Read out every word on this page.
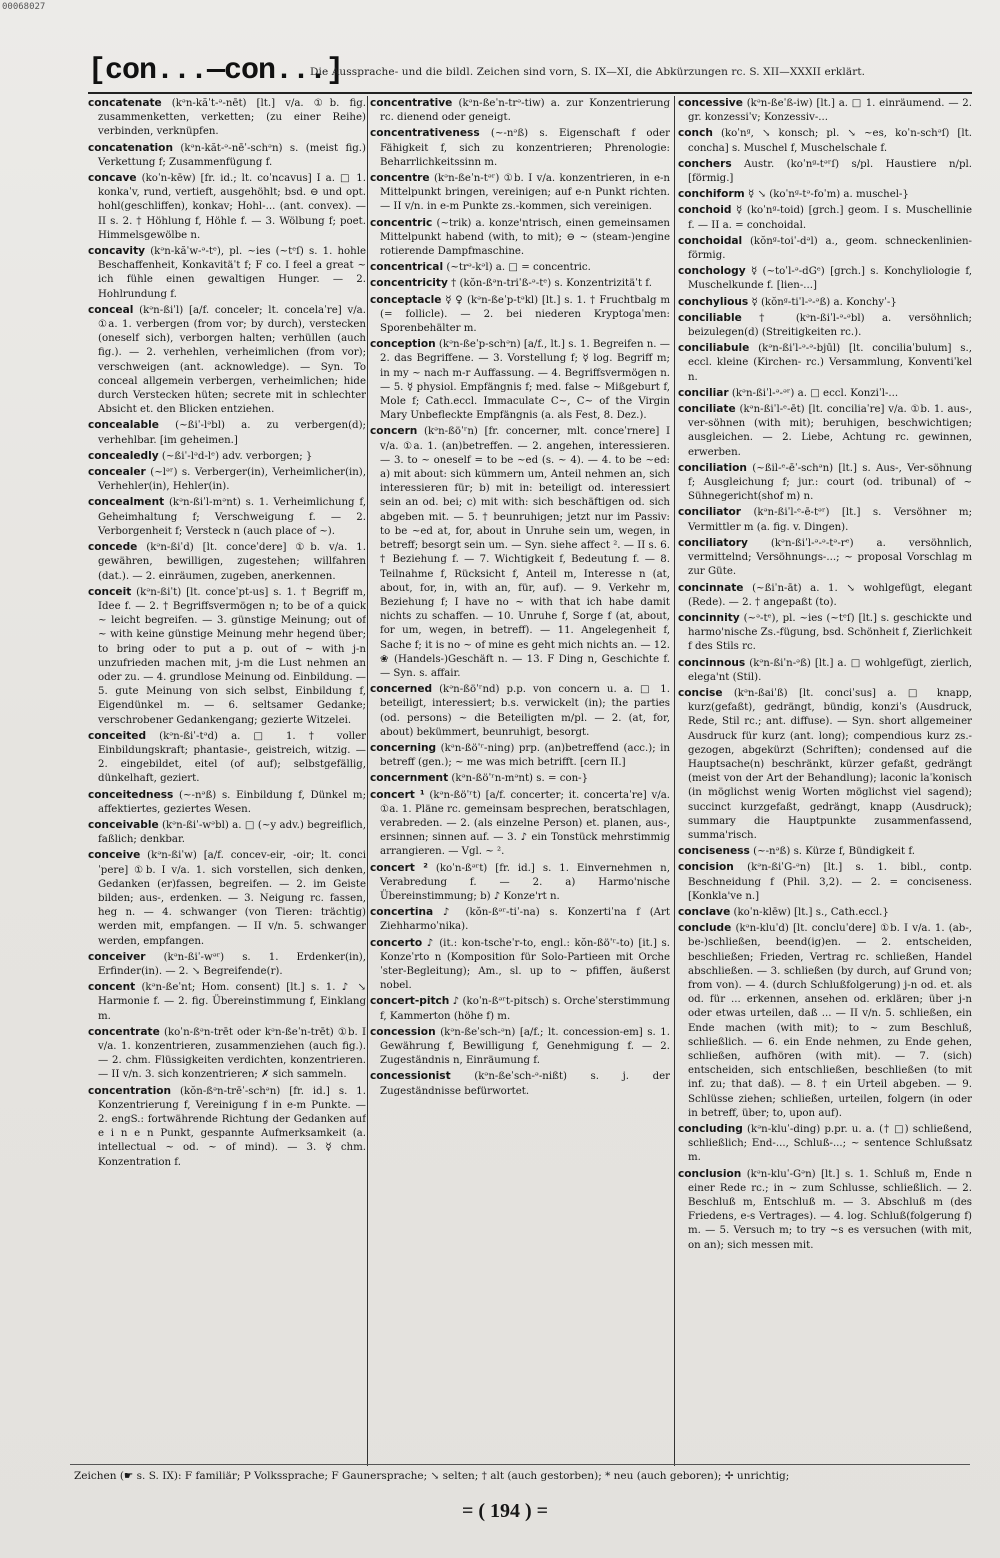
00068027
[con...—con...]
Die Aussprache- und die bildl. Zeichen sind vorn, S. IX—XI, die Abkürzungen rc. S. XII—XXXII erklärt.

concatenate (kᵊn-kăˈt-ᵊ-nēt) [lt.] v/a. ①b. fig. zusammenketten, verketten; (zu einer Reihe) verbinden, verknüpfen.

concatenation (kᵊn-kăt-ᵊ-nēˈ-schᵊn) s. (meist fig.) Verkettung f; Zusammenfügung f.

concave (koˈn-kēw) [fr. id.; lt. coˈncavus] I a. □ 1. konkaˈv, rund, vertieft, ausgehöhlt; bsd. ⊖ und opt. hohl(geschliffen), konkav; Hohl-... (ant. convex). — II s. 2. † Höhlung f, Höhle f. — 3. Wölbung f; poet. Himmelsgewölbe n.

concavity (kᵊn-kăˈw-ᵊ-tᵉ), pl. ~ies (~tᵉſ) s. 1. hohle Beschaffenheit, Konkavitäˈt f; F co. I feel a great ~ ich fühle einen gewaltigen Hunger. — 2. Hohlrundung f.

conceal (kᵊn-ßiˈl) [a/f. conceler; lt. concelaˈre] v/a. ①a. 1. verbergen (from vor; by durch), verstecken (oneself sich), verborgen halten; verhüllen (auch fig.). — 2. verhehlen, verheimlichen (from vor); verschweigen (ant. acknowledge). — Syn. To conceal allgemein verbergen, verheimlichen; hide durch Verstecken hüten; secrete mit in schlechter Absicht et. den Blicken entziehen.

concealable (~ßiˈ-lᵊbl) a. zu verbergen(d); verhehlbar. [im geheimen.]

concealedly (~ßiˈ-lᵊd-lᵉ) adv. verborgen; }

concealer (~lᵊʳ) s. Verberger(in), Verheimlicher(in), Verhehler(in), Hehler(in).

concealment (kᵊn-ßiˈl-mᵊnt) s. 1. Verheimlichung f, Geheimhaltung f; Verschweigung f. — 2. Verborgenheit f; Versteck n (auch place of ~).

concede (kᵊn-ßiˈd) [lt. conceˈdere] ①b. v/a. 1. gewähren, bewilligen, zugestehen; willfahren (dat.). — 2. einräumen, zugeben, anerkennen.

conceit (kᵊn-ßiˈt) [lt. conceˈpt-us] s. 1. † Begriff m, Idee f. — 2. † Begriffsvermögen n; to be of a quick ~ leicht begreifen. — 3. günstige Meinung; out of ~ with keine günstige Meinung mehr hegend über; to bring oder to put a p. out of ~ with j-n unzufrieden machen mit, j-m die Lust nehmen an oder zu. — 4. grundlose Meinung od. Einbildung. — 5. gute Meinung von sich selbst, Einbildung f, Eigendünkel m. — 6. seltsamer Gedanke; verschrobener Gedankengang; gezierte Witzelei.

conceited (kᵊn-ßiˈ-tᵊd) a. □ 1. † voller Einbildungskraft; phantasie-, geistreich, witzig. — 2. eingebildet, eitel (of auf); selbstgefällig, dünkelhaft, geziert.

conceitedness (~-nᵊß) s. Einbildung f, Dünkel m; affektiertes, geziertes Wesen.

conceivable (kᵊn-ßiˈ-wᵊbl) a. □ (~y adv.) begreiflich, faßlich; denkbar.

conceive (kᵊn-ßiˈw) [a/f. concev-eir, -oir; lt. conciˈpere] ①b. I v/a. 1. sich vorstellen, sich denken, Gedanken (er)fassen, begreifen. — 2. im Geiste bilden; aus-, erdenken. — 3. Neigung rc. fassen, heg n. — 4. schwanger (von Tieren: trächtig) werden mit, empfangen. — II v/n. 5. schwanger werden, empfangen.

conceiver (kᵊn-ßiˈ-wᵊʳ) s. 1. Erdenker(in), Erfinder(in). — 2. ↘ Begreifende(r).

concent (kᵊn-ßeˈnt; Hom. consent) [lt.] s. 1. ♪ ↘ Harmonie f. — 2. fig. Übereinstimmung f, Einklang m.

concentrate (koˈn-ßᵊn-trēt oder kᵊn-ßeˈn-trēt) ①b. I v/a. 1. konzentrieren, zusammenziehen (auch fig.). — 2. chm. Flüssigkeiten verdichten, konzentrieren. — II v/n. 3. sich konzentrieren; ✗ sich sammeln.

concentration (kŏn-ßᵊn-trēˈ-schᵊn) [fr. id.] s. 1. Konzentrierung f, Vereinigung f in e-m Punkte. — 2. engS.: fortwährende Richtung der Gedanken auf e i n e n Punkt, gespannte Aufmerksamkeit (a. intellectual ~ od. ~ of mind). — 3. ☿ chm. Konzentration f.

concentrative (kᵊn-ßeˈn-trᵊ-tiw) a. zur Konzentrierung rc. dienend oder geneigt.

concentrativeness (~-nᵊß) s. Eigenschaft f oder Fähigkeit f, sich zu konzentrieren; Phrenologie: Beharrlichkeitssinn m.

concentre (kᵊn-ßeˈn-tᵊʳ) ①b. I v/a. konzentrieren, in e-n Mittelpunkt bringen, vereinigen; auf e-n Punkt richten. — II v/n. in e-m Punkte zs.-kommen, sich vereinigen.

concentric (~trik) a. konze'ntrisch, einen gemeinsamen Mittelpunkt habend (with, to mit); ⊖ ~ (steam-)engine rotierende Dampfmaschine.

concentrical (~trᵊ-kᵊl) a. □ = concentric.

concentricity † (kŏn-ßᵊn-triˈß-ᵊ-tᵉ) s. Konzentrizitäˈt f.

conceptacle ☿ ♀ (kᵊn-ßeˈp-tᵊkl) [lt.] s. 1. † Fruchtbalg m (= follicle). — 2. bei niederen Kryptogaˈmen: Sporenbehälter m.

conception (kᵊn-ßeˈp-schᵊn) [a/f., lt.] s. 1. Begreifen n. — 2. das Begriffene. — 3. Vorstellung f; ☿ log. Begriff m; in my ~ nach m-r Auffassung. — 4. Begriffsvermögen n. — 5. ☿ physiol. Empfängnis f; med. false ~ Mißgeburt f, Mole f; Cath.eccl. Immaculate C~, C~ of the Virgin Mary Unbefleckte Empfängnis (a. als Fest, 8. Dez.).

concern (kᵊn-ßöˈʳn) [fr. concerner, mlt. conceˈrnere] I v/a. ①a. 1. (an)betreffen. — 2. angehen, interessieren. — 3. to ~ oneself = to be ~ed (s. ~ 4). — 4. to be ~ed: a) mit about: sich kümmern um, Anteil nehmen an, sich interessieren für; b) mit in: beteiligt od. interessiert sein an od. bei; c) mit with: sich beschäftigen od. sich abgeben mit. — 5. † beunruhigen; jetzt nur im Passiv: to be ~ed at, for, about in Unruhe sein um, wegen, in betreff; besorgt sein um. — Syn. siehe affect ². — II s. 6. † Beziehung f. — 7. Wichtigkeit f, Bedeutung f. — 8. Teilnahme f, Rücksicht f, Anteil m, Interesse n (at, about, for, in, with an, für, auf). — 9. Verkehr m, Beziehung f; I have no ~ with that ich habe damit nichts zu schaffen. — 10. Unruhe f, Sorge f (at, about, for um, wegen, in betreff). — 11. Angelegenheit f, Sache f; it is no ~ of mine es geht mich nichts an. — 12. ❀ (Handels-)Geschäft n. — 13. F Ding n, Geschichte f. — Syn. s. affair.

concerned (kᵊn-ßöˈʳnd) p.p. von concern u. a. □ 1. beteiligt, interessiert; b.s. verwickelt (in); the parties (od. persons) ~ die Beteiligten m/pl. — 2. (at, for, about) bekümmert, beunruhigt, besorgt.

concerning (kᵊn-ßöˈʳ-ning) prp. (an)betreffend (acc.); in betreff (gen.); ~ me was mich betrifft. [cern II.]

concernment (kᵊn-ßöˈʳn-mᵊnt) s. = con-}

concert ¹ (kᵊn-ßöˈʳt) [a/f. concerter; it. concertaˈre] v/a. ①a. 1. Pläne rc. gemeinsam besprechen, beratschlagen, verabreden. — 2. (als einzelne Person) et. planen, aus-, ersinnen; sinnen auf. — 3. ♪ ein Tonstück mehrstimmig arrangieren. — Vgl. ~ ².

concert ² (koˈn-ßᵊʳt) [fr. id.] s. 1. Einvernehmen n, Verabredung f. — 2. a) Harmo'nische Übereinstimmung; b) ♪ Konze'rt n.

concertina ♪ (kŏn-ßᵊʳ-tiˈ-na) s. Konzertiˈna f (Art Ziehharmoˈnika).

concerto ♪ (it.: kon-tscheˈr-to, engl.: kŏn-ßöˈʳ-to) [it.] s. Konzeˈrto n (Komposition für Solo-Partieen mit Orcheˈster-Begleitung); Am., sl. up to ~ pfiffen, äußerst nobel.

concert-pitch ♪ (koˈn-ßᵊʳt-pitsch) s. Orcheˈsterstimmung f, Kammerton (höhe f) m.

concession (kᵊn-ßeˈsch-ᵊn) [a/f.; lt. concession-em] s. 1. Gewährung f, Bewilligung f, Genehmigung f. — 2. Zugeständnis n, Einräumung f.

concessionist (kᵊn-ßeˈsch-ᵊ-nißt) s. j. der Zugeständnisse befürwortet.

concessive (kᵊn-ßeˈß-iw) [lt.] a. □ 1. einräumend. — 2. gr. konzessiˈv; Konzessiv-...

conch (koˈnᵍ, ↘ konsch; pl. ↘ ~es, koˈn-schᵊſ) [lt. concha] s. Muschel f, Muschelschale f.

conchers Austr. (koˈnᵍ-tᵊʳſ) s/pl. Haustiere n/pl. [förmig.]

conchiform ☿ ↘ (koˈnᵍ-tᵊ-foˈm) a. muschel-}

conchoid ☿ (koˈnᵍ-toid) [grch.] geom. I s. Muschellinie f. — II a. = conchoidal.

conchoidal (kŏnᵍ-toiˈ-dᵊl) a., geom. schneckenlinien-förmig.

conchology ☿ (~toˈl-ᵊ-dGᵉ) [grch.] s. Konchyliologie f, Muschelkunde f. [lien-...]

conchylious ☿ (kŏnᵍ-tiˈl-ᵊ-ᵊß) a. Konchyˈ-}

conciliable † (kᵊn-ßiˈl-ᵊ-ᵊbl) a. versöhnlich; beizulegen(d) (Streitigkeiten rc.).

conciliabule (kᵊn-ßiˈl-ᵊ-ᵊ-bjūl) [lt. conciliaˈbulum] s., eccl. kleine (Kirchen- rc.) Versammlung, Konventiˈkel n.

conciliar (kᵊn-ßiˈl-ᵊ-ᵊʳ) a. □ eccl. Konziˈl-...

conciliate (kᵊn-ßiˈl-ᵉ-ēt) [lt. conciliaˈre] v/a. ①b. 1. aus-, ver-söhnen (with mit); beruhigen, beschwichtigen; ausgleichen. — 2. Liebe, Achtung rc. gewinnen, erwerben.

conciliation (~ßil-ᵉ-ēˈ-schᵊn) [lt.] s. Aus-, Ver-söhnung f; Ausgleichung f; jur.: court (od. tribunal) of ~ Sühnegericht(shof m) n.

conciliator (kᵊn-ßiˈl-ᵉ-ē-tᵊʳ) [lt.] s. Versöhner m; Vermittler m (a. fig. v. Dingen).

conciliatory (kᵊn-ßiˈl-ᵊ-ᵊ-tᵊ-rᵉ) a. versöhnlich, vermittelnd; Versöhnungs-...; ~ proposal Vorschlag m zur Güte.

concinnate (~ßiˈn-āt) a. 1. ↘ wohlgefügt, elegant (Rede). — 2. † angepaßt (to).

concinnity (~ᵊ-tᵉ), pl. ~ies (~tᵉſ) [lt.] s. geschickte und harmo'nische Zs.-fügung, bsd. Schönheit f, Zierlichkeit f des Stils rc.

concinnous (kᵊn-ßiˈn-ᵊß) [lt.] a. □ wohlgefügt, zierlich, elega'nt (Stil).

concise (kᵊn-ßaiˈß) [lt. conciˈsus] a. □ knapp, kurz(gefaßt), gedrängt, bündig, konziˈs (Ausdruck, Rede, Stil rc.; ant. diffuse). — Syn. short allgemeiner Ausdruck für kurz (ant. long); compendious kurz zs.-gezogen, abgekürzt (Schriften); condensed auf die Hauptsache(n) beschränkt, kürzer gefaßt, gedrängt (meist von der Art der Behandlung); laconic laˈkonisch (in möglichst wenig Worten möglichst viel sagend); succinct kurzgefaßt, gedrängt, knapp (Ausdruck); summary die Hauptpunkte zusammenfassend, summa'risch.

conciseness (~-nᵊß) s. Kürze f, Bündigkeit f.

concision (kᵊn-ßiˈG-ᵊn) [lt.] s. 1. bibl., contp. Beschneidung f (Phil. 3,2). — 2. = conciseness. [Konkla've n.]

conclave (koˈn-klēw) [lt.] s., Cath.eccl.}

conclude (kᵊn-kluˈd) [lt. concluˈdere] ①b. I v/a. 1. (ab-, be-)schließen, beend(ig)en. — 2. entscheiden, beschließen; Frieden, Vertrag rc. schließen, Handel abschließen. — 3. schließen (by durch, auf Grund von; from von). — 4. (durch Schlußfolgerung) j-n od. et. als od. für ... erkennen, ansehen od. erklären; über j-n oder etwas urteilen, daß ... — II v/n. 5. schließen, ein Ende machen (with mit); to ~ zum Beschluß, schließlich. — 6. ein Ende nehmen, zu Ende gehen, schließen, aufhören (with mit). — 7. (sich) entscheiden, sich entschließen, beschließen (to mit inf. zu; that daß). — 8. † ein Urteil abgeben. — 9. Schlüsse ziehen; schließen, urteilen, folgern (in oder in betreff, über; to, upon auf).

concluding (kᵊn-kluˈ-ding) p.pr. u. a. († □) schließend, schließlich; End-..., Schluß-...; ~ sentence Schlußsatz m.

conclusion (kᵊn-kluˈ-Gᵊn) [lt.] s. 1. Schluß m, Ende n einer Rede rc.; in ~ zum Schlusse, schließlich. — 2. Beschluß m, Entschluß m. — 3. Abschluß m (des Friedens, e-s Vertrages). — 4. log. Schluß(folgerung f) m. — 5. Versuch m; to try ~s es versuchen (with mit, on an); sich messen mit.

Zeichen (☛ s. S. IX): F familiär; P Volkssprache; F Gaunersprache; ↘ selten; † alt (auch gestorben); * neu (auch geboren); ✢ unrichtig;
= ( 194 ) =
